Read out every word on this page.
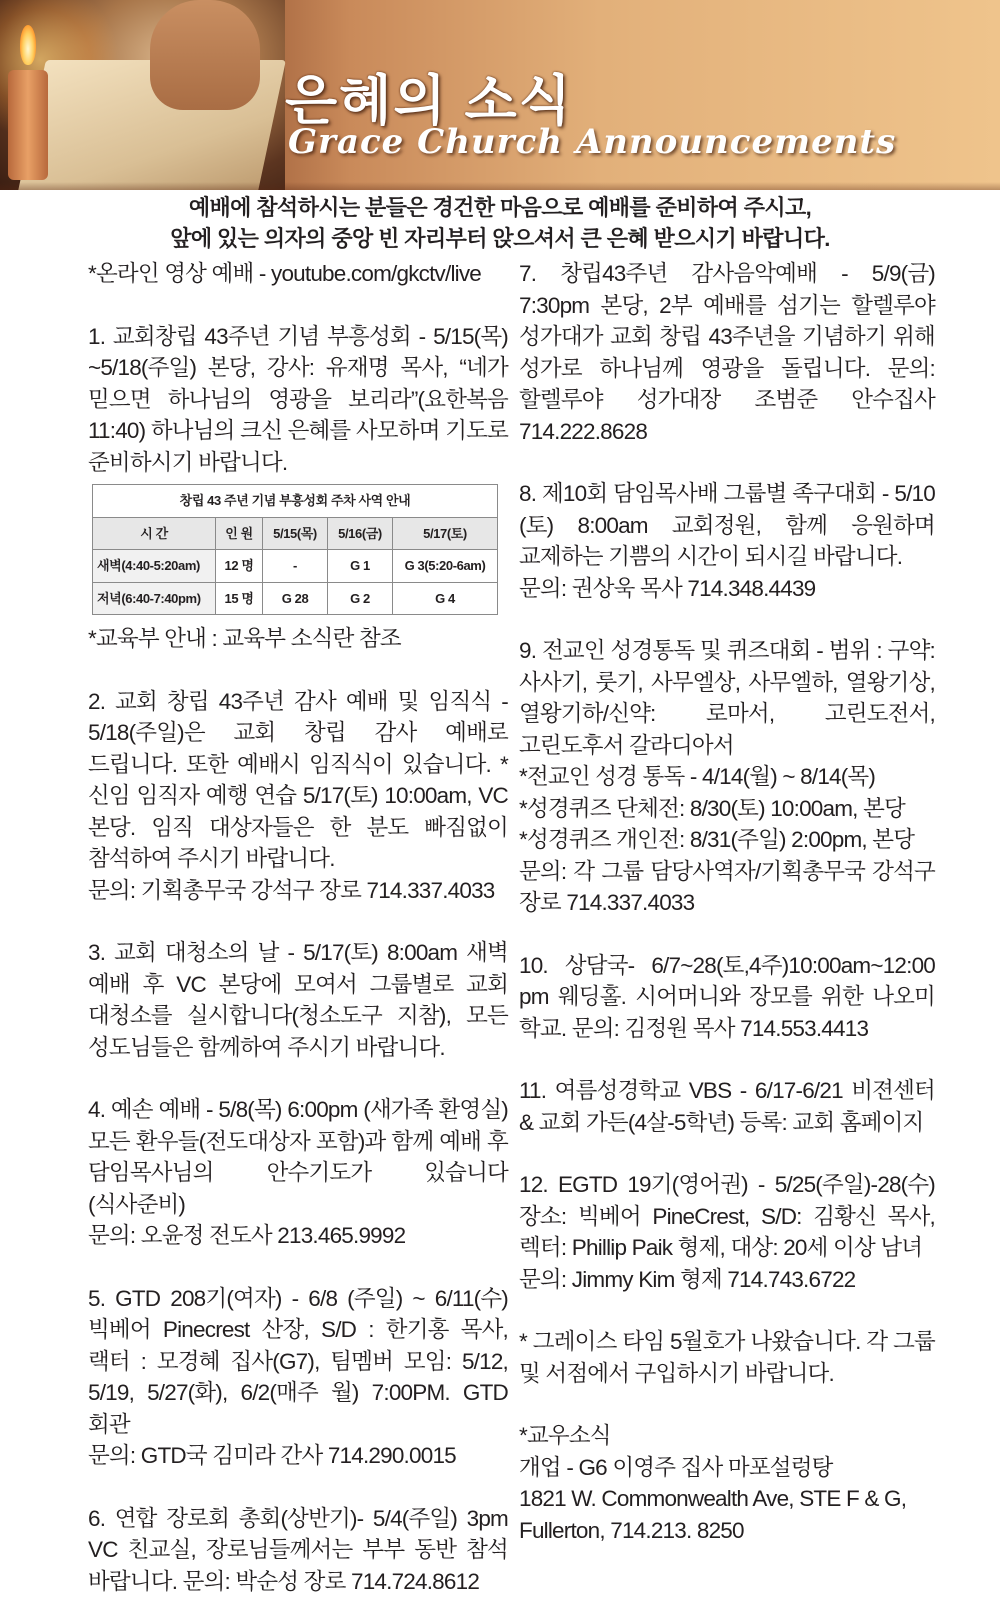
은혜의 소식
Grace Church Announcements
예배에 참석하시는 분들은 경건한 마음으로 예배를 준비하여 주시고,
앞에 있는 의자의 중앙 빈 자리부터 앉으셔서 큰 은혜 받으시기 바랍니다.

*온라인 영상 예배 - youtube.com/gkctv/live

1. 교회창립 43주년 기념 부흥성회 - 5/15(목) ~5/18(주일) 본당, 강사: 유재명 목사, “네가 믿으면 하나님의 영광을 보리라”(요한복음 11:40) 하나님의 크신 은혜를 사모하며 기도로 준비하시기 바랍니다.

창립 43 주년 기념 부흥성회 주차 사역 안내				
시 간	인 원	5/15(목)	5/16(금)	5/17(토)
새벽(4:40-5:20am)	12 명	-	G 1	G 3(5:20-6am)
저녁(6:40-7:40pm)	15 명	G 28	G 2	G 4

*교육부 안내 : 교육부 소식란 참조

2. 교회 창립 43주년 감사 예배 및 임직식 - 5/18(주일)은 교회 창립 감사 예배로 드립니다. 또한 예배시 임직식이 있습니다. *신임 임직자 예행 연습 5/17(토) 10:00am, VC 본당. 임직 대상자들은 한 분도 빠짐없이 참석하여 주시기 바랍니다.

문의: 기획총무국 강석구 장로 714.337.4033

3. 교회 대청소의 날 - 5/17(토) 8:00am 새벽 예배 후 VC 본당에 모여서 그룹별로 교회 대청소를 실시합니다(청소도구 지참), 모든 성도님들은 함께하여 주시기 바랍니다.

4. 예손 예배 - 5/8(목) 6:00pm (새가족 환영실) 모든 환우들(전도대상자 포함)과 함께 예배 후 담임목사님의 안수기도가 있습니다(식사준비)

문의: 오윤정 전도사 213.465.9992

5. GTD 208기(여자) - 6/8 (주일) ~ 6/11(수) 빅베어 Pinecrest 산장, S/D : 한기홍 목사, 랙터 : 모경혜 집사(G7), 팀멤버 모임: 5/12, 5/19, 5/27(화), 6/2(매주 월) 7:00PM. GTD 회관

문의: GTD국 김미라 간사 714.290.0015

6. 연합 장로회 총회(상반기)- 5/4(주일) 3pm VC 친교실, 장로님들께서는 부부 동반 참석 바랍니다. 문의: 박순성 장로 714.724.8612

7. 창립43주년 감사음악예배 - 5/9(금) 7:30pm 본당, 2부 예배를 섬기는 할렐루야 성가대가 교회 창립 43주년을 기념하기 위해 성가로 하나님께 영광을 돌립니다. 문의: 할렐루야 성가대장 조범준 안수집사 714.222.8628

8. 제10회 담임목사배 그룹별 족구대회 - 5/10 (토) 8:00am 교회정원, 함께 응원하며 교제하는 기쁨의 시간이 되시길 바랍니다.

문의: 권상욱 목사 714.348.4439

9. 전교인 성경통독 및 퀴즈대회 - 범위 : 구약: 사사기, 룻기, 사무엘상, 사무엘하, 열왕기상, 열왕기하/신약: 로마서, 고린도전서, 고린도후서 갈라디아서

*전교인 성경 통독 - 4/14(월) ~ 8/14(목)

*성경퀴즈 단체전: 8/30(토) 10:00am, 본당

*성경퀴즈 개인전: 8/31(주일) 2:00pm, 본당

문의: 각 그룹 담당사역자/기획총무국 강석구 장로 714.337.4033

10. 상담국- 6/7~28(토,4주)10:00am~12:00 pm 웨딩홀. 시어머니와 장모를 위한 나오미 학교. 문의: 김정원 목사 714.553.4413

11. 여름성경학교 VBS - 6/17-6/21 비젼센터 & 교회 가든(4살-5학년) 등록: 교회 홈페이지

12. EGTD 19기(영어권) - 5/25(주일)-28(수) 장소: 빅베어 PineCrest, S/D: 김황신 목사, 렉터: Phillip Paik 형제, 대상: 20세 이상 남녀

문의: Jimmy Kim 형제 714.743.6722

* 그레이스 타임 5월호가 나왔습니다. 각 그룹 및 서점에서 구입하시기 바랍니다.

*교우소식

개업 - G6 이영주 집사 마포설렁탕

1821 W. Commonwealth Ave, STE F & G,

Fullerton, 714.213. 8250
